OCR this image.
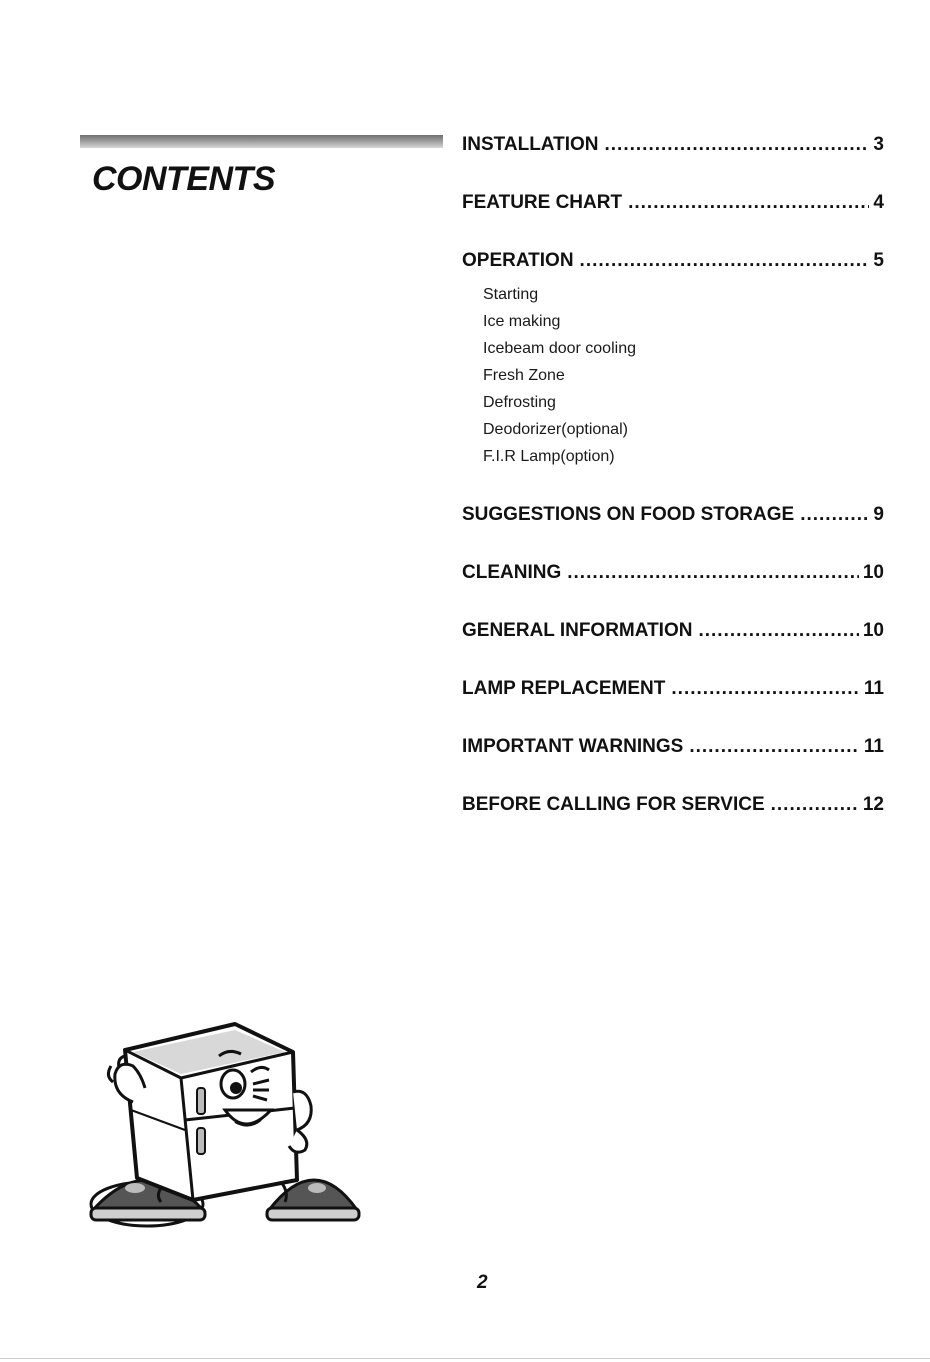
CONTENTS
INSTALLATION .....	3
FEATURE CHART .....	4
OPERATION .....	5
Starting
Ice making
Icebeam door cooling
Fresh Zone
Defrosting
Deodorizer(optional)
F.I.R Lamp(option)
SUGGESTIONS ON FOOD STORAGE .....	9
CLEANING .....	10
GENERAL INFORMATION .....	10
LAMP REPLACEMENT .....	11
IMPORTANT WARNINGS .....	11
BEFORE CALLING FOR SERVICE .....	12
2
